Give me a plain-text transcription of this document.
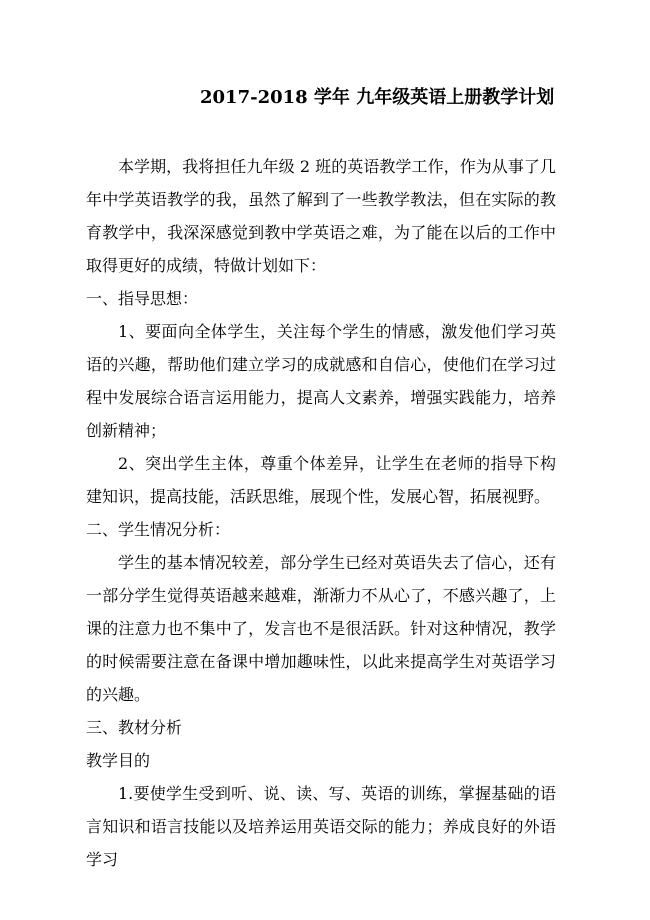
2017-2018 学年 九年级英语上册教学计划

本学期，我将担任九年级 2 班的英语教学工作，作为从事了几年中学英语教学的我，虽然了解到了一些教学教法，但在实际的教育教学中，我深深感觉到教中学英语之难，为了能在以后的工作中取得更好的成绩，特做计划如下：

一、指导思想：

1、要面向全体学生，关注每个学生的情感，激发他们学习英语的兴趣，帮助他们建立学习的成就感和自信心，使他们在学习过程中发展综合语言运用能力，提高人文素养，增强实践能力，培养创新精神；

2、突出学生主体，尊重个体差异，让学生在老师的指导下构建知识，提高技能，活跃思维，展现个性，发展心智，拓展视野。

二、学生情况分析：

学生的基本情况较差，部分学生已经对英语失去了信心，还有一部分学生觉得英语越来越难，渐渐力不从心了，不感兴趣了，上课的注意力也不集中了，发言也不是很活跃。针对这种情况，教学的时候需要注意在备课中增加趣味性，以此来提高学生对英语学习的兴趣。

三、教材分析

教学目的

1.要使学生受到听、说、读、写、英语的训练，掌握基础的语言知识和语言技能以及培养运用英语交际的能力；养成良好的外语学习
